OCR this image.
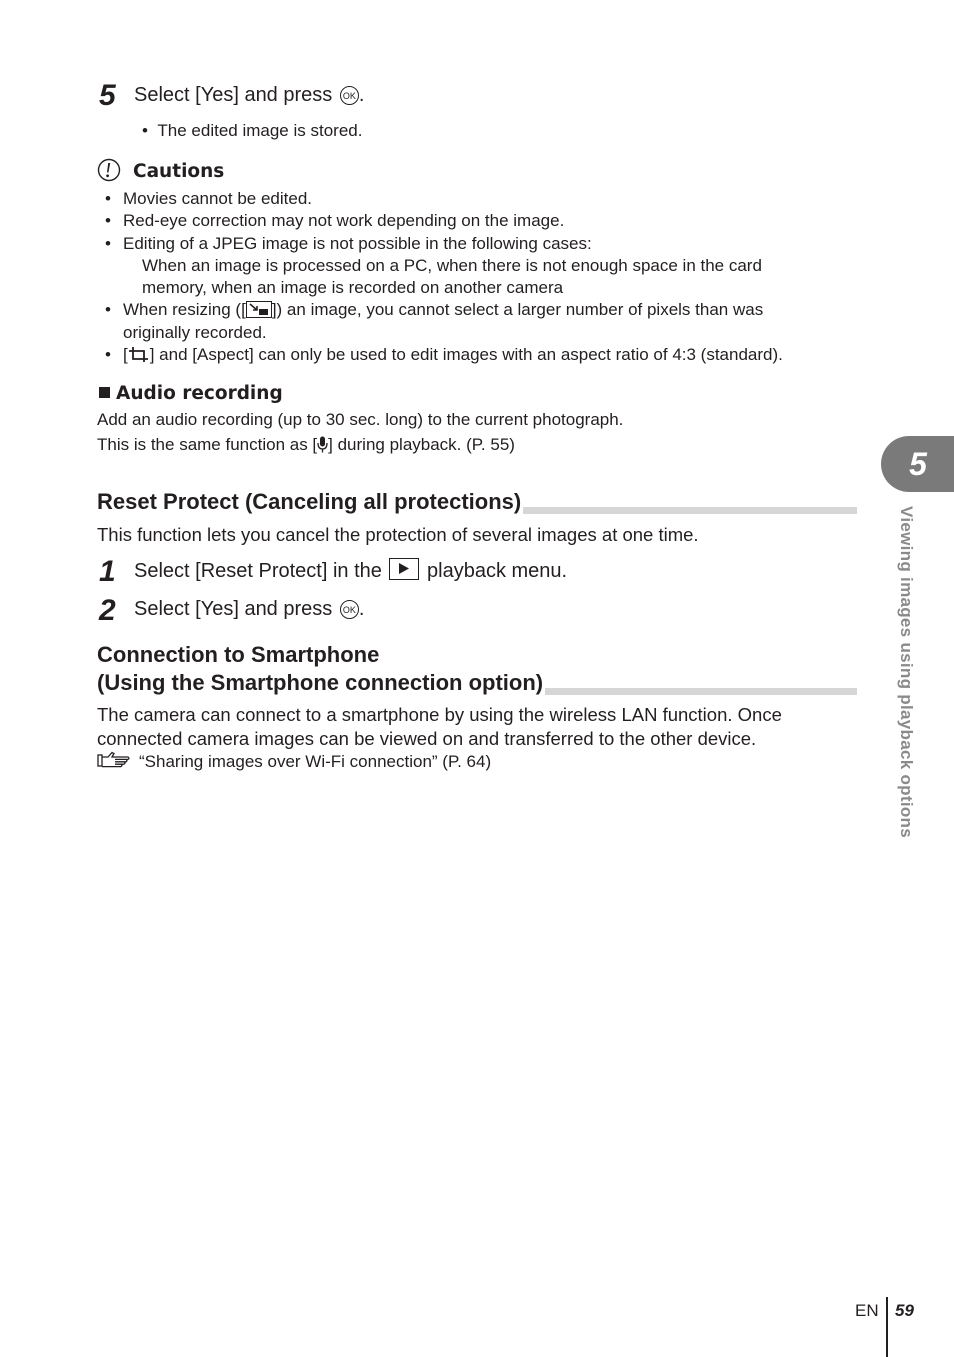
5 Select [Yes] and press OK .
•  The edited image is stored.
Cautions
• Movies cannot be edited.
• Red-eye correction may not work depending on the image.
• Editing of a JPEG image is not possible in the following cases:
When an image is processed on a PC, when there is not enough space in the card
memory, when an image is recorded on another camera
• When resizing ([ ]) an image, you cannot select a larger number of pixels than was
originally recorded.
• [ ] and [Aspect] can only be used to edit images with an aspect ratio of 4:3 (standard).
Audio recording
Add an audio recording (up to 30 sec. long) to the current photograph.
This is the same function as [ ] during playback. (P. 55)
Reset Protect (Canceling all protections)
This function lets you cancel the protection of several images at one time.
1 Select [Reset Protect] in the playback menu.
2 Select [Yes] and press OK .
Connection to Smartphone
(Using the Smartphone connection option)
The camera can connect to a smartphone by using the wireless LAN function. Once
connected camera images can be viewed on and transferred to the other device.
“Sharing images over Wi-Fi connection” (P. 64)
5
Viewing images using playback options
EN 59
